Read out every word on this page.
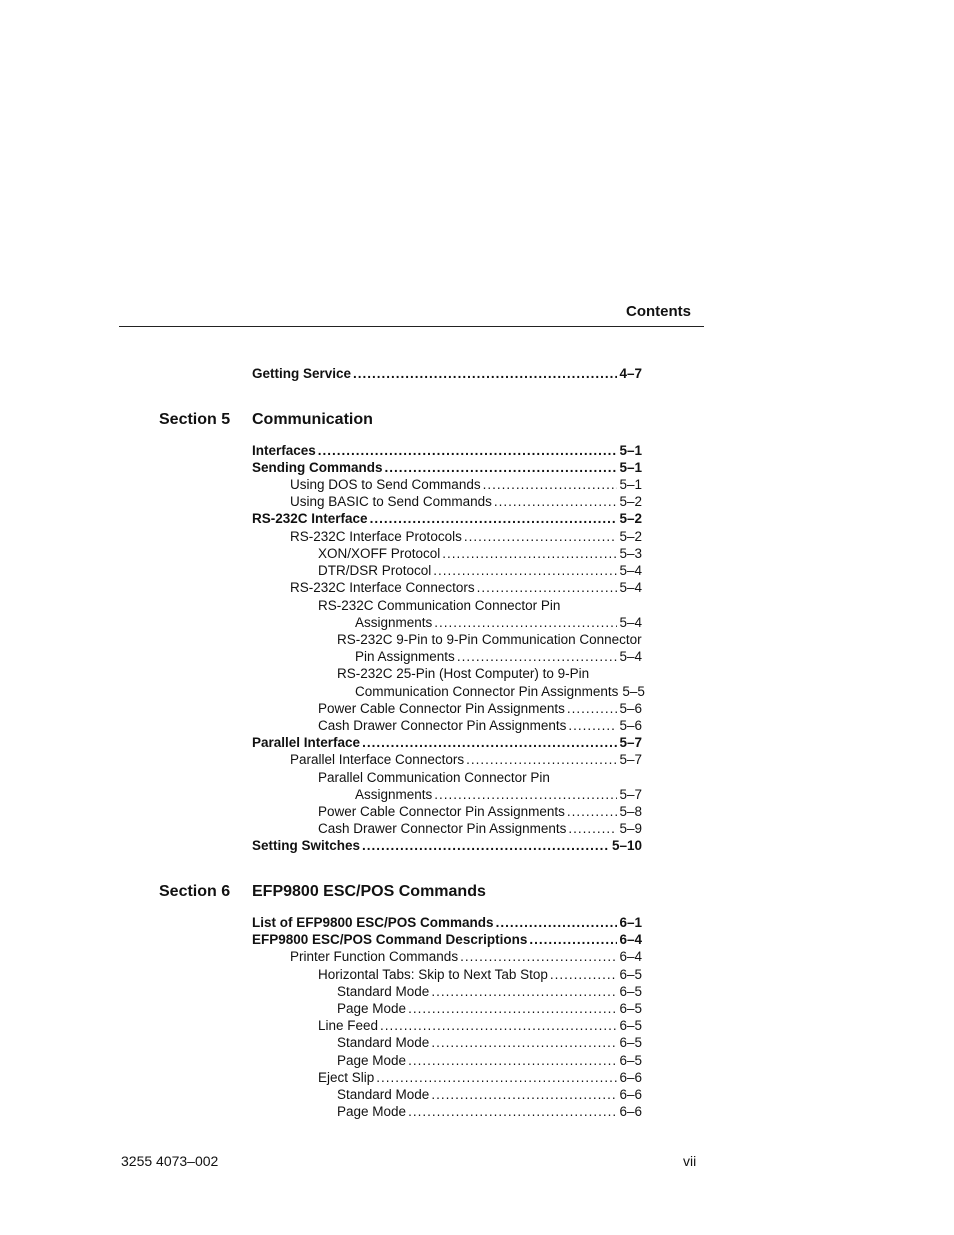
Contents
Getting Service .....	4–7
Section 5 Communication
Interfaces .....	5–1
Sending Commands .....	5–1
Using DOS to Send Commands .....	5–1
Using BASIC to Send Commands .....	5–2
RS-232C Interface .....	5–2
RS-232C Interface Protocols .....	5–2
XON/XOFF Protocol .....	5–3
DTR/DSR Protocol .....	5–4
RS-232C Interface Connectors .....	5–4
RS-232C Communication Connector Pin
Assignments .....	5–4
RS-232C 9-Pin to 9-Pin Communication Connector
Pin Assignments .....	5–4
RS-232C 25-Pin (Host Computer) to 9-Pin
Communication Connector Pin Assignments 5–5
Power Cable Connector Pin Assignments .....	5–6
Cash Drawer Connector Pin Assignments .....	5–6
Parallel Interface .....	5–7
Parallel Interface Connectors .....	5–7
Parallel Communication Connector Pin
Assignments .....	5–7
Power Cable Connector Pin Assignments .....	5–8
Cash Drawer Connector Pin Assignments .....	5–9
Setting Switches .....	5–10
Section 6 EFP9800 ESC/POS Commands
List of EFP9800 ESC/POS Commands .....	6–1
EFP9800 ESC/POS Command Descriptions .....	6–4
Printer Function Commands .....	6–4
Horizontal Tabs: Skip to Next Tab Stop .....	6–5
Standard Mode .....	6–5
Page Mode .....	6–5
Line Feed .....	6–5
Standard Mode .....	6–5
Page Mode .....	6–5
Eject Slip .....	6–6
Standard Mode .....	6–6
Page Mode .....	6–6
3255 4073–002	vii
